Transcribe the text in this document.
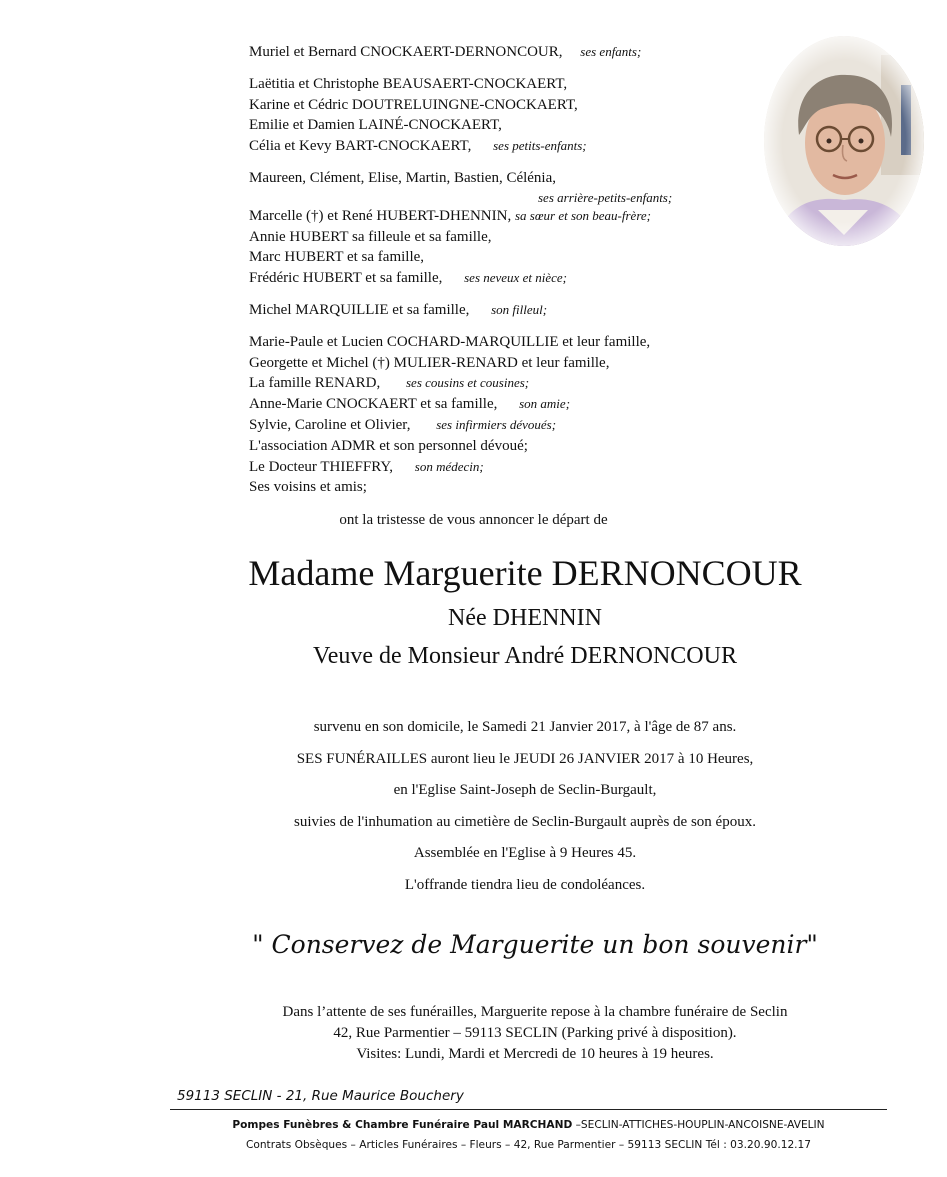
Muriel et Bernard CNOCKAERT-DERNONCOUR, ses enfants;
Laëtitia et Christophe BEAUSAERT-CNOCKAERT,
Karine et Cédric DOUTRELUINGNE-CNOCKAERT,
Emilie et Damien LAINÉ-CNOCKAERT,
Célia et Kevy BART-CNOCKAERT, ses petits-enfants;
Maureen, Clément, Elise, Martin, Bastien, Célénia,
ses arrière-petits-enfants;
Marcelle (†) et René HUBERT-DHENNIN, sa sœur et son beau-frère;
Annie HUBERT sa filleule et sa famille,
Marc HUBERT et sa famille,
Frédéric HUBERT et sa famille, ses neveux et nièce;
Michel MARQUILLIE et sa famille, son filleul;
Marie-Paule et Lucien COCHARD-MARQUILLIE et leur famille,
Georgette et Michel (†) MULIER-RENARD et leur famille,
La famille RENARD, ses cousins et cousines;
Anne-Marie CNOCKAERT et sa famille, son amie;
Sylvie, Caroline et Olivier, ses infirmiers dévoués;
L'association ADMR et son personnel dévoué;
Le Docteur THIEFFRY, son médecin;
Ses voisins et amis;
ont la tristesse de vous annoncer le départ de
Madame Marguerite DERNONCOUR
Née DHENNIN
Veuve de Monsieur André DERNONCOUR
survenu en son domicile, le Samedi 21 Janvier 2017, à l'âge de 87 ans.
SES FUNÉRAILLES auront lieu le JEUDI 26 JANVIER 2017 à 10 Heures,
en l'Eglise Saint-Joseph de Seclin-Burgault,
suivies de l'inhumation au cimetière de Seclin-Burgault auprès de son époux.
Assemblée en l'Eglise à 9 Heures 45.
L'offrande tiendra lieu de condoléances.
" Conservez de Marguerite un bon souvenir"
Dans l’attente de ses funérailles, Marguerite repose à la chambre funéraire de Seclin
42, Rue Parmentier – 59113 SECLIN (Parking privé à disposition).
Visites: Lundi, Mardi et Mercredi de 10 heures à 19 heures.
59113 SECLIN - 21, Rue Maurice Bouchery
Pompes Funèbres & Chambre Funéraire Paul MARCHAND –SECLIN-ATTICHES-HOUPLIN-ANCOISNE-AVELIN
Contrats Obsèques – Articles Funéraires – Fleurs – 42, Rue Parmentier – 59113 SECLIN Tél : 03.20.90.12.17
